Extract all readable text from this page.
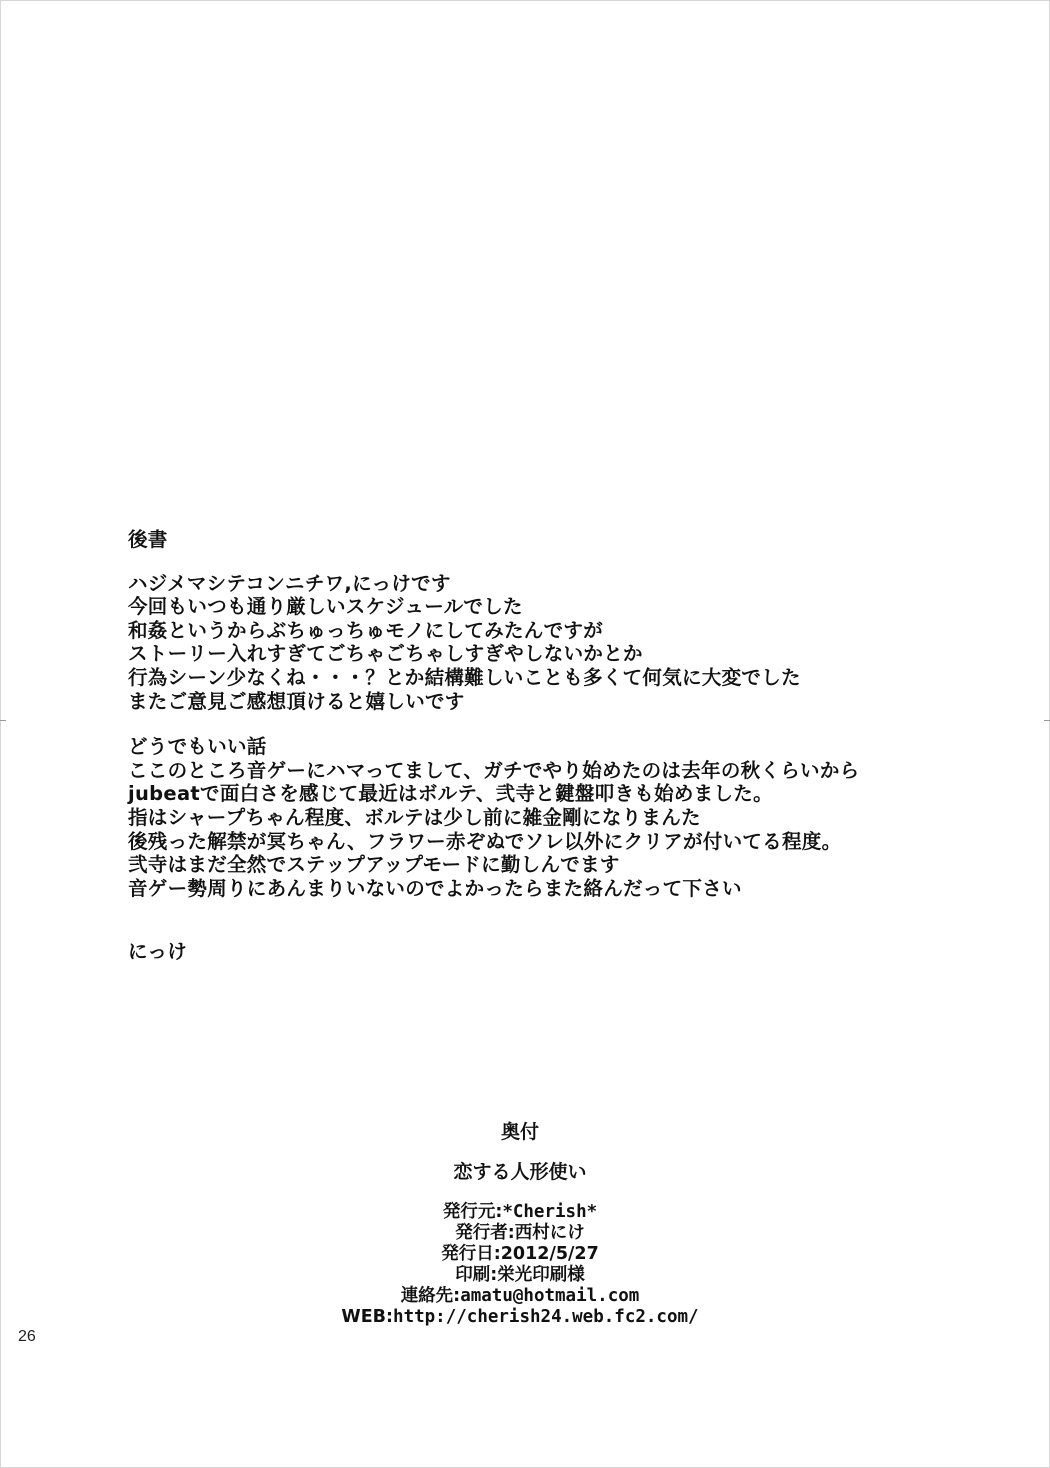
後書
ハジメマシテコンニチワ,にっけです
今回もいつも通り厳しいスケジュールでした
和姦というからぶちゅっちゅモノにしてみたんですが
ストーリー入れすぎてごちゃごちゃしすぎやしないかとか
行為シーン少なくね・・・？とか結構難しいことも多くて何気に大変でした
またご意見ご感想頂けると嬉しいです
どうでもいい話
ここのところ音ゲーにハマってまして、ガチでやり始めたのは去年の秋くらいから
jubeatで面白さを感じて最近はボルテ、弐寺と鍵盤叩きも始めました。
指はシャープちゃん程度、ボルテは少し前に雑金剛になりまんた
後残った解禁が冥ちゃん、フラワー赤ぞぬでソレ以外にクリアが付いてる程度。
弐寺はまだ全然でステップアップモードに勤しんでます
音ゲー勢周りにあんまりいないのでよかったらまた絡んだって下さい
にっけ
奥付
恋する人形使い
発行元:*Cherish*
発行者:西村にけ
発行日:2012/5/27
印刷:栄光印刷様
連絡先:amatu@hotmail.com
WEB:http://cherish24.web.fc2.com/
26
